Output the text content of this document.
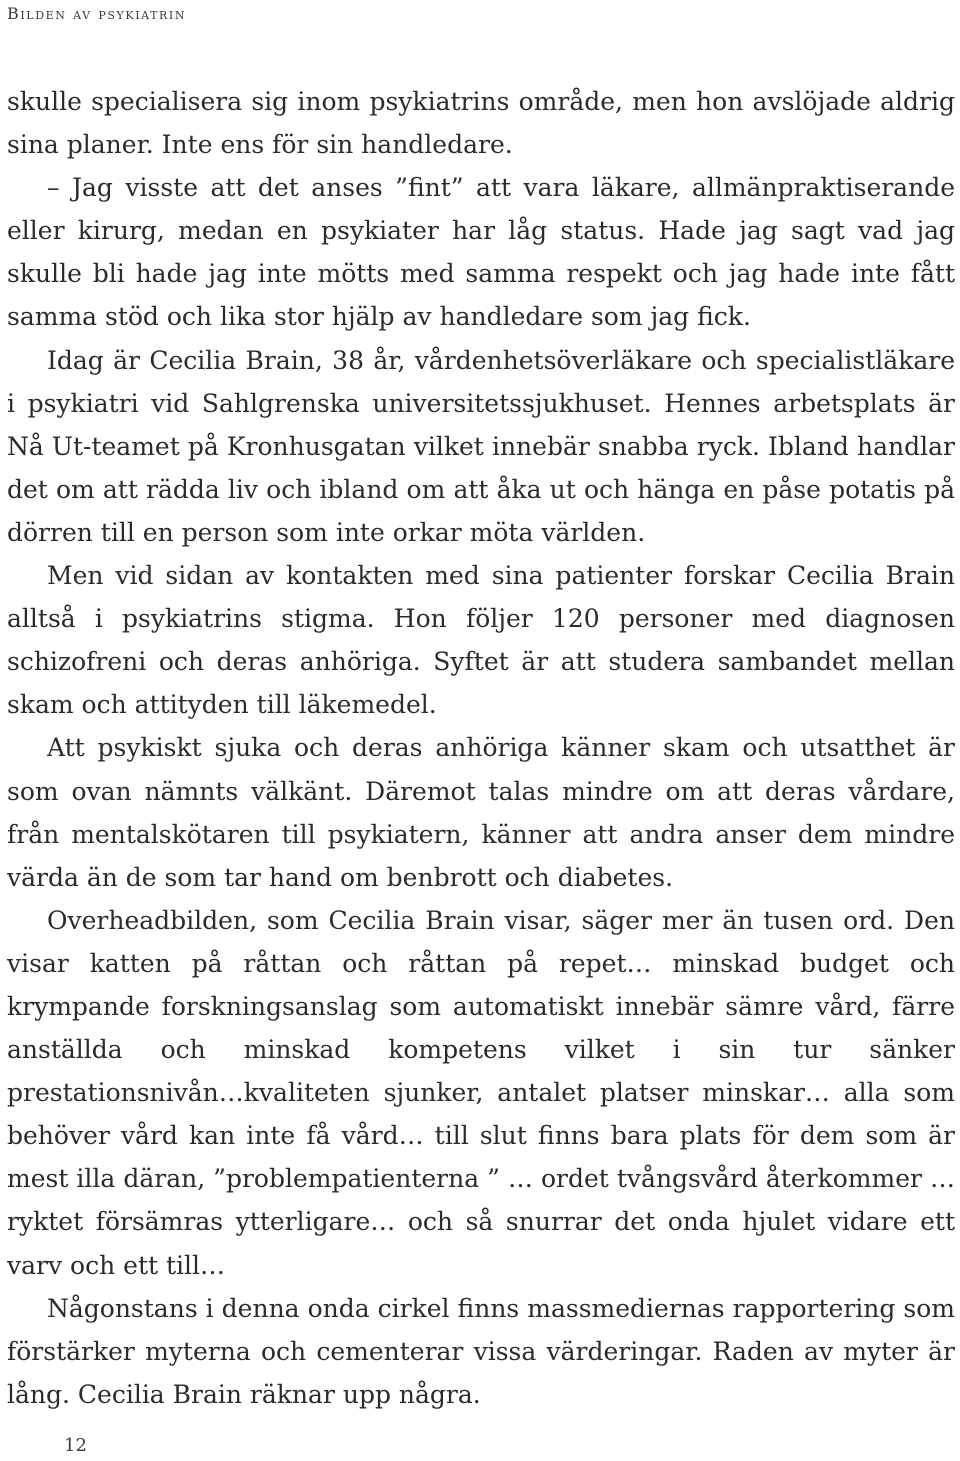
Bilden av psykiatrin

skulle specialisera sig inom psykiatrins område, men hon avslöjade aldrig sina planer. Inte ens för sin handledare.

– Jag visste att det anses ”fint” att vara läkare, allmänpraktiserande eller kirurg, medan en psykiater har låg status. Hade jag sagt vad jag skulle bli hade jag inte mötts med samma respekt och jag hade inte fått samma stöd och lika stor hjälp av handledare som jag fick.

Idag är Cecilia Brain, 38 år, vårdenhetsöverläkare och specialistläkare i psykiatri vid Sahlgrenska universitetssjukhuset. Hennes arbetsplats är Nå Ut-teamet på Kronhusgatan vilket innebär snabba ryck. Ibland handlar det om att rädda liv och ibland om att åka ut och hänga en påse potatis på dörren till en person som inte orkar möta världen.

Men vid sidan av kontakten med sina patienter forskar Cecilia Brain alltså i psykiatrins stigma. Hon följer 120 personer med diagnosen schizofreni och deras anhöriga. Syftet är att studera sambandet mellan skam och attityden till läkemedel.

Att psykiskt sjuka och deras anhöriga känner skam och utsatthet är som ovan nämnts välkänt. Däremot talas mindre om att deras vårdare, från mentalskötaren till psykiatern, känner att andra anser dem mindre värda än de som tar hand om benbrott och diabetes.

Overheadbilden, som Cecilia Brain visar, säger mer än tusen ord. Den visar katten på råttan och råttan på repet… minskad budget och krympande forskningsanslag som automatiskt innebär sämre vård, färre anställda och minskad kompetens vilket i sin tur sänker prestationsnivån…kvaliteten sjunker, antalet platser minskar… alla som behöver vård kan inte få vård… till slut finns bara plats för dem som är mest illa däran, ”problempatienterna ” … ordet tvångsvård återkommer … ryktet försämras ytterligare… och så snurrar det onda hjulet vidare ett varv och ett till…

Någonstans i denna onda cirkel finns massmediernas rapportering som förstärker myterna och cementerar vissa värderingar. Raden av myter är lång. Cecilia Brain räknar upp några.

12
